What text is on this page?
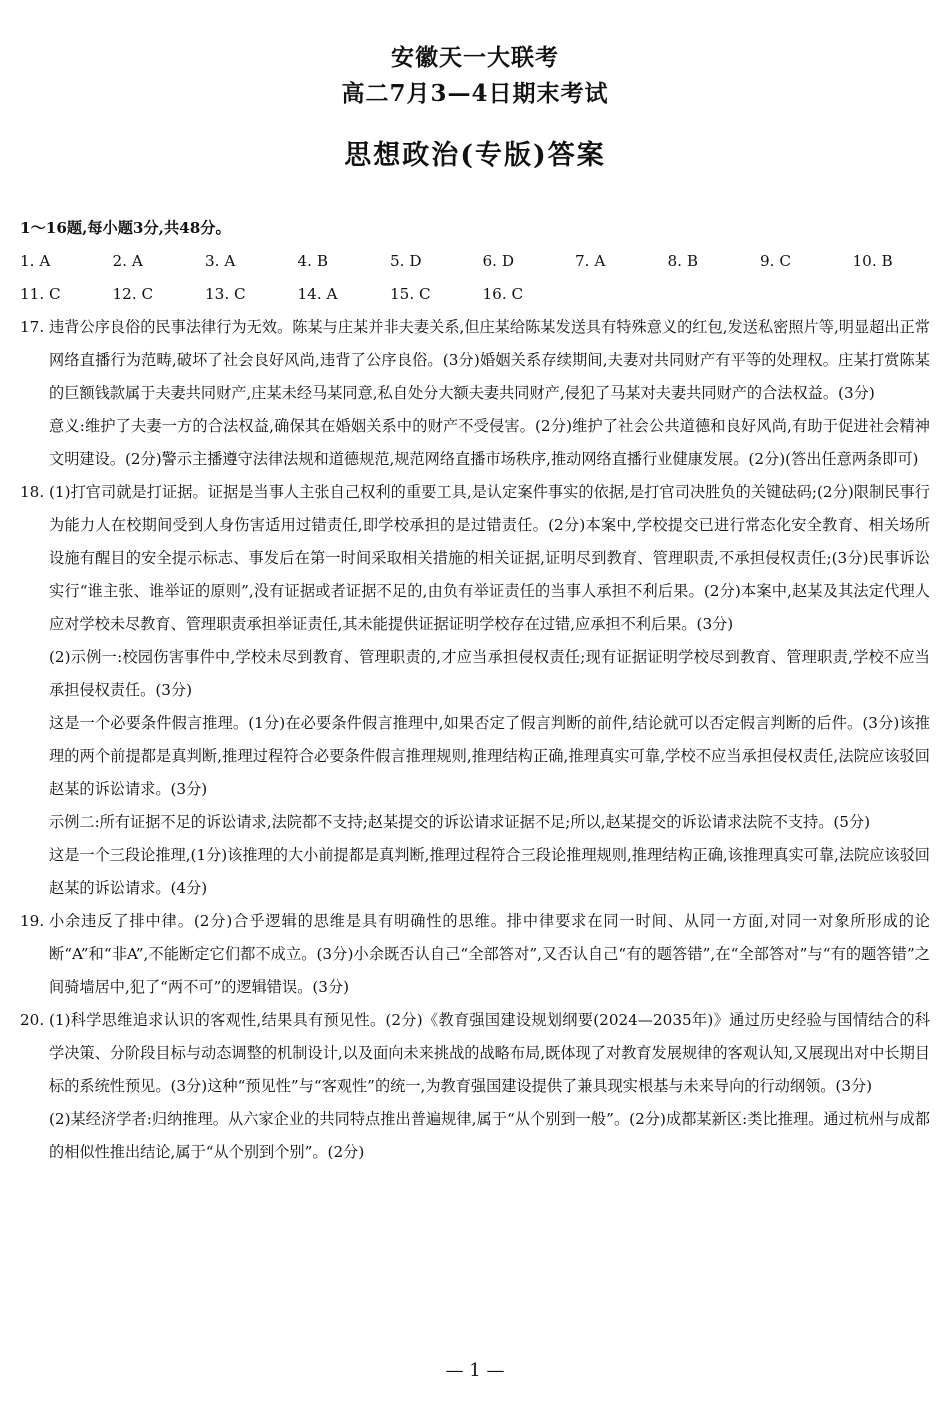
安徽天一大联考
高二7月3—4日期末考试
思想政治(专版)答案

1～16题,每小题3分,共48分。

1. A	2. A	3. A	4. B	5. D	6. D	7. A	8. B	9. C	10. B
11. C	12. C	13. C	14. A	15. C	16. C
17. 违背公序良俗的民事法律行为无效。陈某与庄某并非夫妻关系,但庄某给陈某发送具有特殊意义的红包,发送私密照片等,明显超出正常网络直播行为范畴,破坏了社会良好风尚,违背了公序良俗。(3分)婚姻关系存续期间,夫妻对共同财产有平等的处理权。庄某打赏陈某的巨额钱款属于夫妻共同财产,庄某未经马某同意,私自处分大额夫妻共同财产,侵犯了马某对夫妻共同财产的合法权益。(3分)

意义:维护了夫妻一方的合法权益,确保其在婚姻关系中的财产不受侵害。(2分)维护了社会公共道德和良好风尚,有助于促进社会精神文明建设。(2分)警示主播遵守法律法规和道德规范,规范网络直播市场秩序,推动网络直播行业健康发展。(2分)(答出任意两条即可)

18. (1)打官司就是打证据。证据是当事人主张自己权利的重要工具,是认定案件事实的依据,是打官司决胜负的关键砝码;(2分)限制民事行为能力人在校期间受到人身伤害适用过错责任,即学校承担的是过错责任。(2分)本案中,学校提交已进行常态化安全教育、相关场所设施有醒目的安全提示标志、事发后在第一时间采取相关措施的相关证据,证明尽到教育、管理职责,不承担侵权责任;(3分)民事诉讼实行“谁主张、谁举证的原则”,没有证据或者证据不足的,由负有举证责任的当事人承担不利后果。(2分)本案中,赵某及其法定代理人应对学校未尽教育、管理职责承担举证责任,其未能提供证据证明学校存在过错,应承担不利后果。(3分)

(2)示例一:校园伤害事件中,学校未尽到教育、管理职责的,才应当承担侵权责任;现有证据证明学校尽到教育、管理职责,学校不应当承担侵权责任。(3分)

这是一个必要条件假言推理。(1分)在必要条件假言推理中,如果否定了假言判断的前件,结论就可以否定假言判断的后件。(3分)该推理的两个前提都是真判断,推理过程符合必要条件假言推理规则,推理结构正确,推理真实可靠,学校不应当承担侵权责任,法院应该驳回赵某的诉讼请求。(3分)

示例二:所有证据不足的诉讼请求,法院都不支持;赵某提交的诉讼请求证据不足;所以,赵某提交的诉讼请求法院不支持。(5分)

这是一个三段论推理,(1分)该推理的大小前提都是真判断,推理过程符合三段论推理规则,推理结构正确,该推理真实可靠,法院应该驳回赵某的诉讼请求。(4分)

19. 小余违反了排中律。(2分)合乎逻辑的思维是具有明确性的思维。排中律要求在同一时间、从同一方面,对同一对象所形成的论断“A”和“非A”,不能断定它们都不成立。(3分)小余既否认自己“全部答对”,又否认自己“有的题答错”,在“全部答对”与“有的题答错”之间骑墙居中,犯了“两不可”的逻辑错误。(3分)

20. (1)科学思维追求认识的客观性,结果具有预见性。(2分)《教育强国建设规划纲要(2024—2035年)》通过历史经验与国情结合的科学决策、分阶段目标与动态调整的机制设计,以及面向未来挑战的战略布局,既体现了对教育发展规律的客观认知,又展现出对中长期目标的系统性预见。(3分)这种“预见性”与“客观性”的统一,为教育强国建设提供了兼具现实根基与未来导向的行动纲领。(3分)

(2)某经济学者:归纳推理。从六家企业的共同特点推出普遍规律,属于“从个别到一般”。(2分)成都某新区:类比推理。通过杭州与成都的相似性推出结论,属于“从个别到个别”。(2分)

— 1 —
